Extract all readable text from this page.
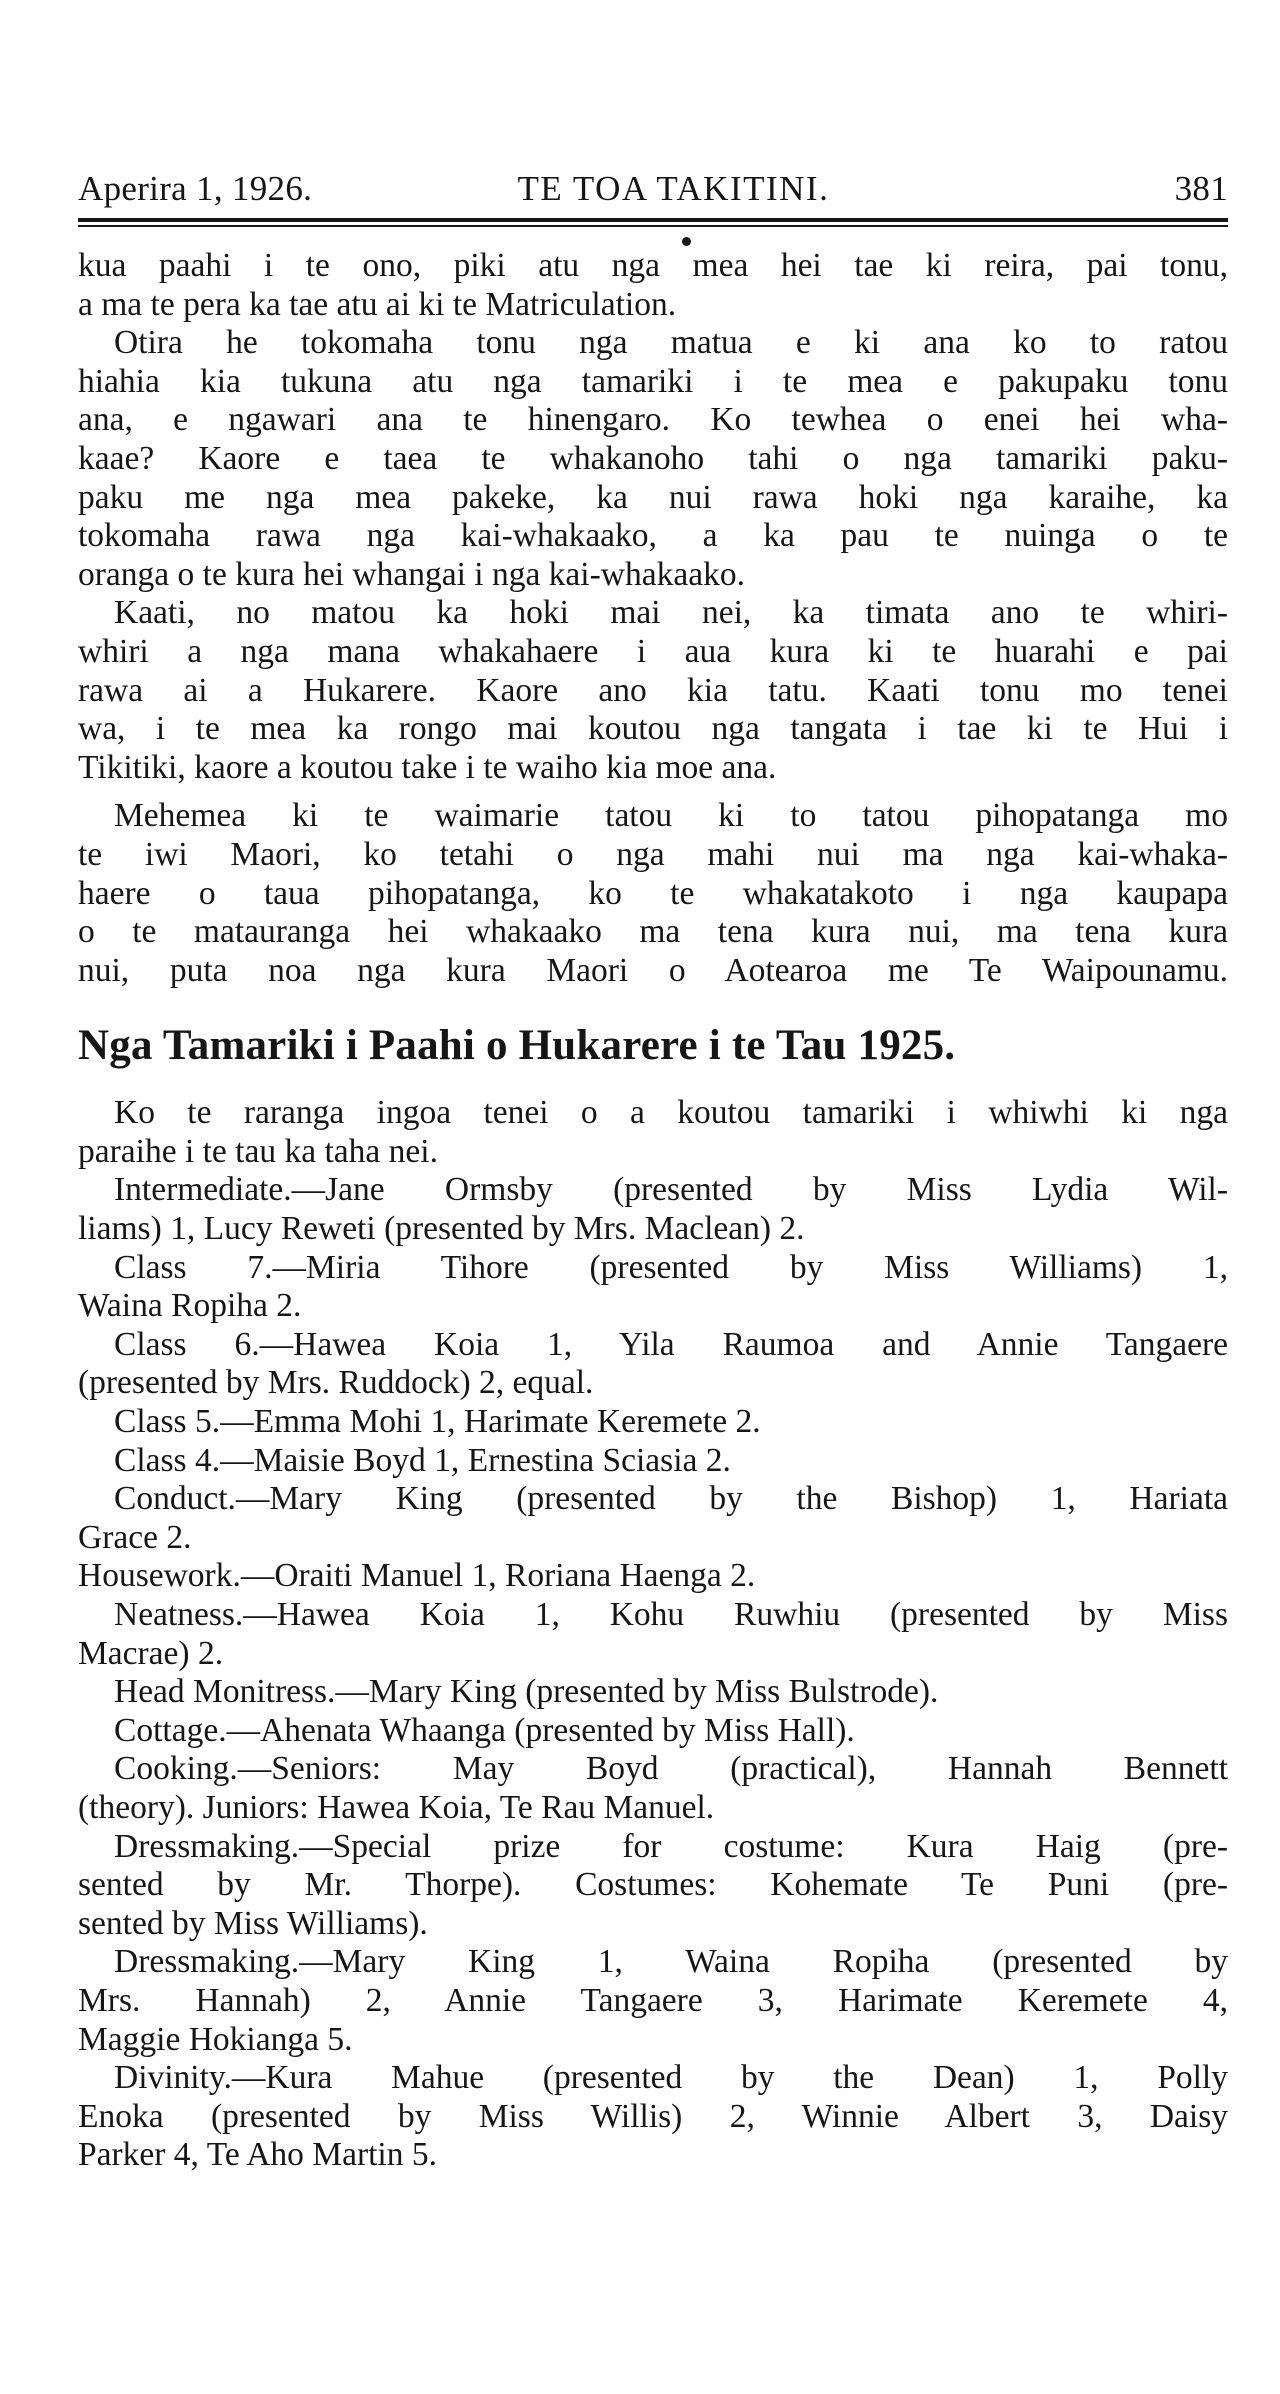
Aperira 1, 1926.	TE TOA TAKITINI.	381
kua paahi i te ono, piki atu nga mea hei tae ki reira, pai tonu,
a ma te pera ka tae atu ai ki te Matriculation.
Otira he tokomaha tonu nga matua e ki ana ko to ratou
hiahia kia tukuna atu nga tamariki i te mea e pakupaku tonu
ana, e ngawari ana te hinengaro. Ko tewhea o enei hei wha-
kaae? Kaore e taea te whakanoho tahi o nga tamariki paku-
paku me nga mea pakeke, ka nui rawa hoki nga karaihe, ka
tokomaha rawa nga kai-whakaako, a ka pau te nuinga o te
oranga o te kura hei whangai i nga kai-whakaako.
Kaati, no matou ka hoki mai nei, ka timata ano te whiri-
whiri a nga mana whakahaere i aua kura ki te huarahi e pai
rawa ai a Hukarere. Kaore ano kia tatu. Kaati tonu mo tenei
wa, i te mea ka rongo mai koutou nga tangata i tae ki te Hui i
Tikitiki, kaore a koutou take i te waiho kia moe ana.
Mehemea ki te waimarie tatou ki to tatou pihopatanga mo
te iwi Maori, ko tetahi o nga mahi nui ma nga kai-whaka-
haere o taua pihopatanga, ko te whakatakoto i nga kaupapa
o te matauranga hei whakaako ma tena kura nui, ma tena kura
nui, puta noa nga kura Maori o Aotearoa me Te Waipounamu.
Nga Tamariki i Paahi o Hukarere i te Tau 1925.
Ko te raranga ingoa tenei o a koutou tamariki i whiwhi ki nga
paraihe i te tau ka taha nei.
Intermediate.—Jane Ormsby (presented by Miss Lydia Wil-
liams) 1, Lucy Reweti (presented by Mrs. Maclean) 2.
Class 7.—Miria Tihore (presented by Miss Williams) 1,
Waina Ropiha 2.
Class 6.—Hawea Koia 1, Yila Raumoa and Annie Tangaere
(presented by Mrs. Ruddock) 2, equal.
Class 5.—Emma Mohi 1, Harimate Keremete 2.
Class 4.—Maisie Boyd 1, Ernestina Sciasia 2.
Conduct.—Mary King (presented by the Bishop) 1, Hariata
Grace 2.
Housework.—Oraiti Manuel 1, Roriana Haenga 2.
Neatness.—Hawea Koia 1, Kohu Ruwhiu (presented by Miss
Macrae) 2.
Head Monitress.—Mary King (presented by Miss Bulstrode).
Cottage.—Ahenata Whaanga (presented by Miss Hall).
Cooking.—Seniors: May Boyd (practical), Hannah Bennett
(theory). Juniors: Hawea Koia, Te Rau Manuel.
Dressmaking.—Special prize for costume: Kura Haig (pre-
sented by Mr. Thorpe). Costumes: Kohemate Te Puni (pre-
sented by Miss Williams).
Dressmaking.—Mary King 1, Waina Ropiha (presented by
Mrs. Hannah) 2, Annie Tangaere 3, Harimate Keremete 4,
Maggie Hokianga 5.
Divinity.—Kura Mahue (presented by the Dean) 1, Polly
Enoka (presented by Miss Willis) 2, Winnie Albert 3, Daisy
Parker 4, Te Aho Martin 5.
